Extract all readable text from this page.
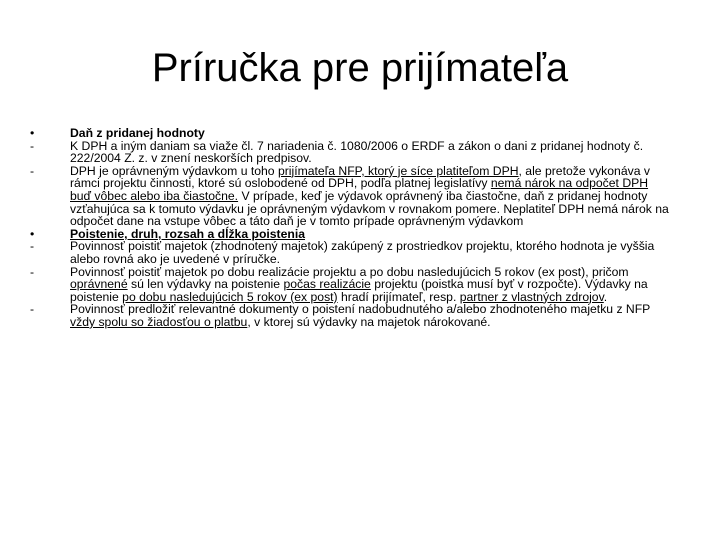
Príručka pre prijímateľa
•	Daň z pridanej hodnoty
-	K DPH a iným daniam sa viaže čl. 7 nariadenia č. 1080/2006 o ERDF a zákon o dani z pridanej hodnoty č. 222/2004 Z. z. v znení neskorších predpisov.
-	DPH je oprávneným výdavkom u toho prijímateľa NFP, ktorý je síce platiteľom DPH, ale pretože vykonáva v rámci projektu činnosti, ktoré sú oslobodené od DPH, podľa platnej legislatívy nemá nárok na odpočet DPH buď vôbec alebo iba čiastočne. V prípade, keď je výdavok oprávnený iba čiastočne, daň z pridanej hodnoty vzťahujúca sa k tomuto výdavku je oprávneným výdavkom v rovnakom pomere. Neplatiteľ DPH nemá nárok na odpočet dane na vstupe vôbec a táto daň je v tomto prípade oprávneným výdavkom
•	Poistenie, druh, rozsah a dĺžka poistenia
-	Povinnosť poistiť majetok (zhodnotený majetok) zakúpený z prostriedkov projektu, ktorého hodnota je vyššia alebo rovná ako je uvedené v príručke.
-	Povinnosť poistiť majetok po dobu realizácie projektu a po dobu nasledujúcich 5 rokov (ex post), pričom oprávnené sú len výdavky na poistenie počas realizácie projektu (poistka musí byť v rozpočte). Výdavky na poistenie po dobu nasledujúcich 5 rokov (ex post) hradí prijímateľ, resp. partner z vlastných zdrojov.
-	Povinnosť predložiť relevantné dokumenty o poistení nadobudnutého a/alebo zhodnoteného majetku z NFP vždy spolu so žiadosťou o platbu, v ktorej sú výdavky na majetok nárokované.
